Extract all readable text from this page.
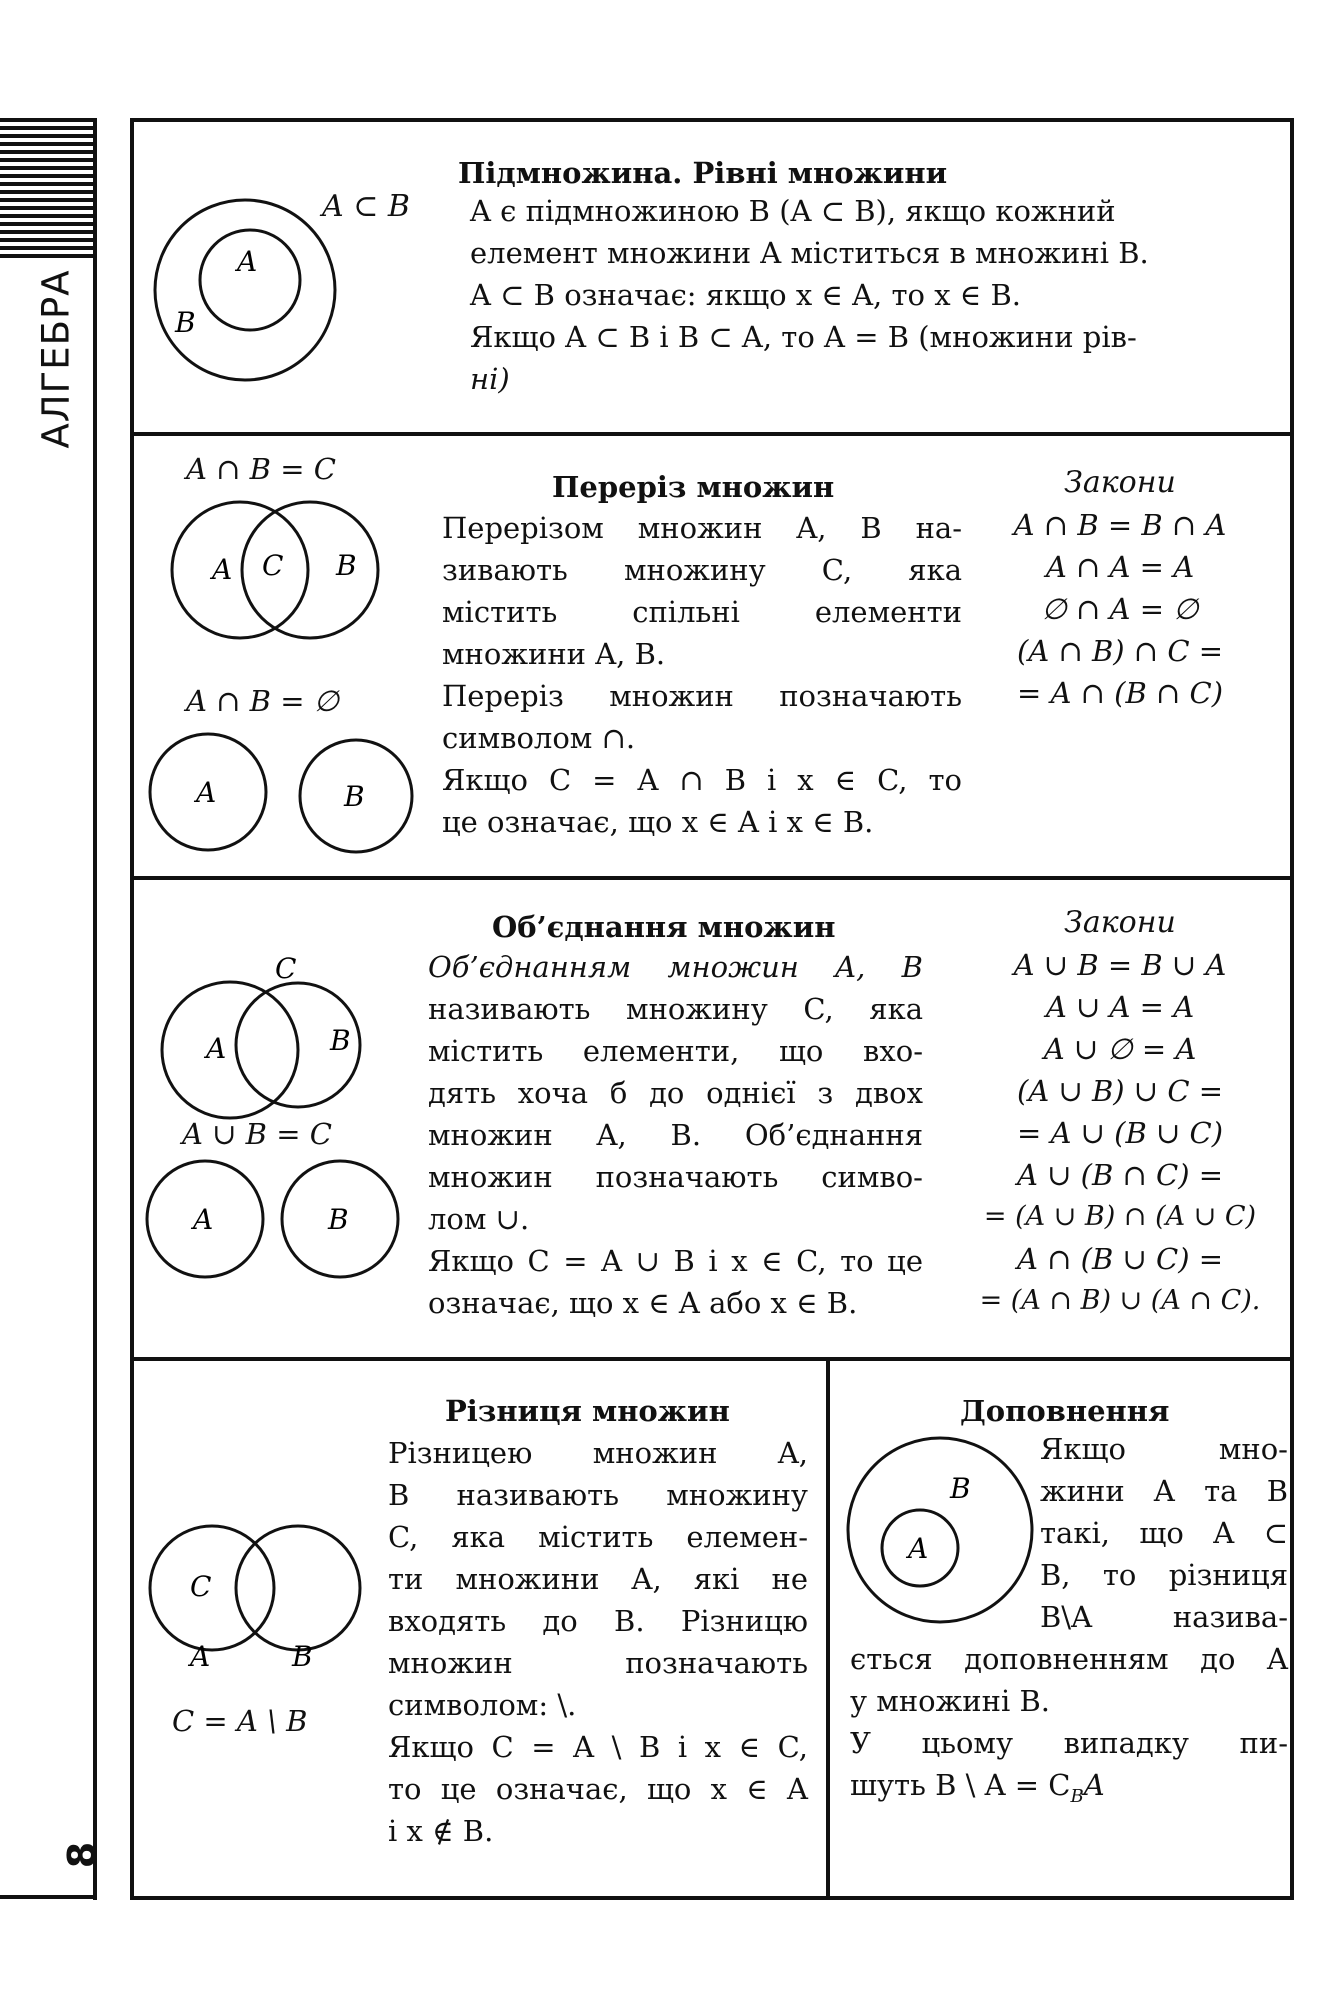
АЛГЕБРА
8
A
B
A ⊂ B
Підмножина. Рівні множини
A є підмножиною B (A ⊂ B), якщо кожний
елемент множини A міститься в множині B.
A ⊂ B означає: якщо x ∈ A, то x ∈ B.
Якщо A ⊂ B і B ⊂ A, то A = B (множини рів-
ні)
A ∩ B = C
A C B
A ∩ B = ∅
A	B
Переріз множин
Перерізом множин A, B на-
зивають множину C, яка
містить спільні елементи
множини A, B.
Переріз множин позначають
символом ∩.
Якщо C = A ∩ B і x ∈ C, то
це означає, що x ∈ A і x ∈ B.
Закони
A ∩ B = B ∩ A
A ∩ A = A
∅ ∩ A = ∅
(A ∩ B) ∩ C =
= A ∩ (B ∩ C)
C
A	B
A ∪ B = C
A	B
Об’єднання множин
Об’єднанням множин A, B
називають множину C, яка
містить елементи, що вхо-
дять хоча б до однієї з двох
множин A, B. Об’єднання
множин позначають симво-
лом ∪.
Якщо C = A ∪ B і x ∈ C, то це
означає, що x ∈ A або x ∈ B.
Закони
A ∪ B = B ∪ A
A ∪ A = A
A ∪ ∅ = A
(A ∪ B) ∪ C =
= A ∪ (B ∪ C)
A ∪ (B ∩ C) =
= (A ∪ B) ∩ (A ∪ C)
A ∩ (B ∪ C) =
= (A ∩ B) ∪ (A ∩ C).
C
A	B
C = A \ B
Різниця множин
Різницею множин A,
B називають множину
C, яка містить елемен-
ти множини A, які не
входять до B. Різницю
множин позначають
символом: \.
Якщо C = A \ B і x ∈ C,
то це означає, що x ∈ A
і x ∉ B.
Доповнення
B
A
Якщо мно-
жини A та B
такі, що A ⊂
B, то різниця
B\A назива-
ється доповненням до A
у множині B.
У цьому випадку пи-
шуть B \ $A = C_BA$
